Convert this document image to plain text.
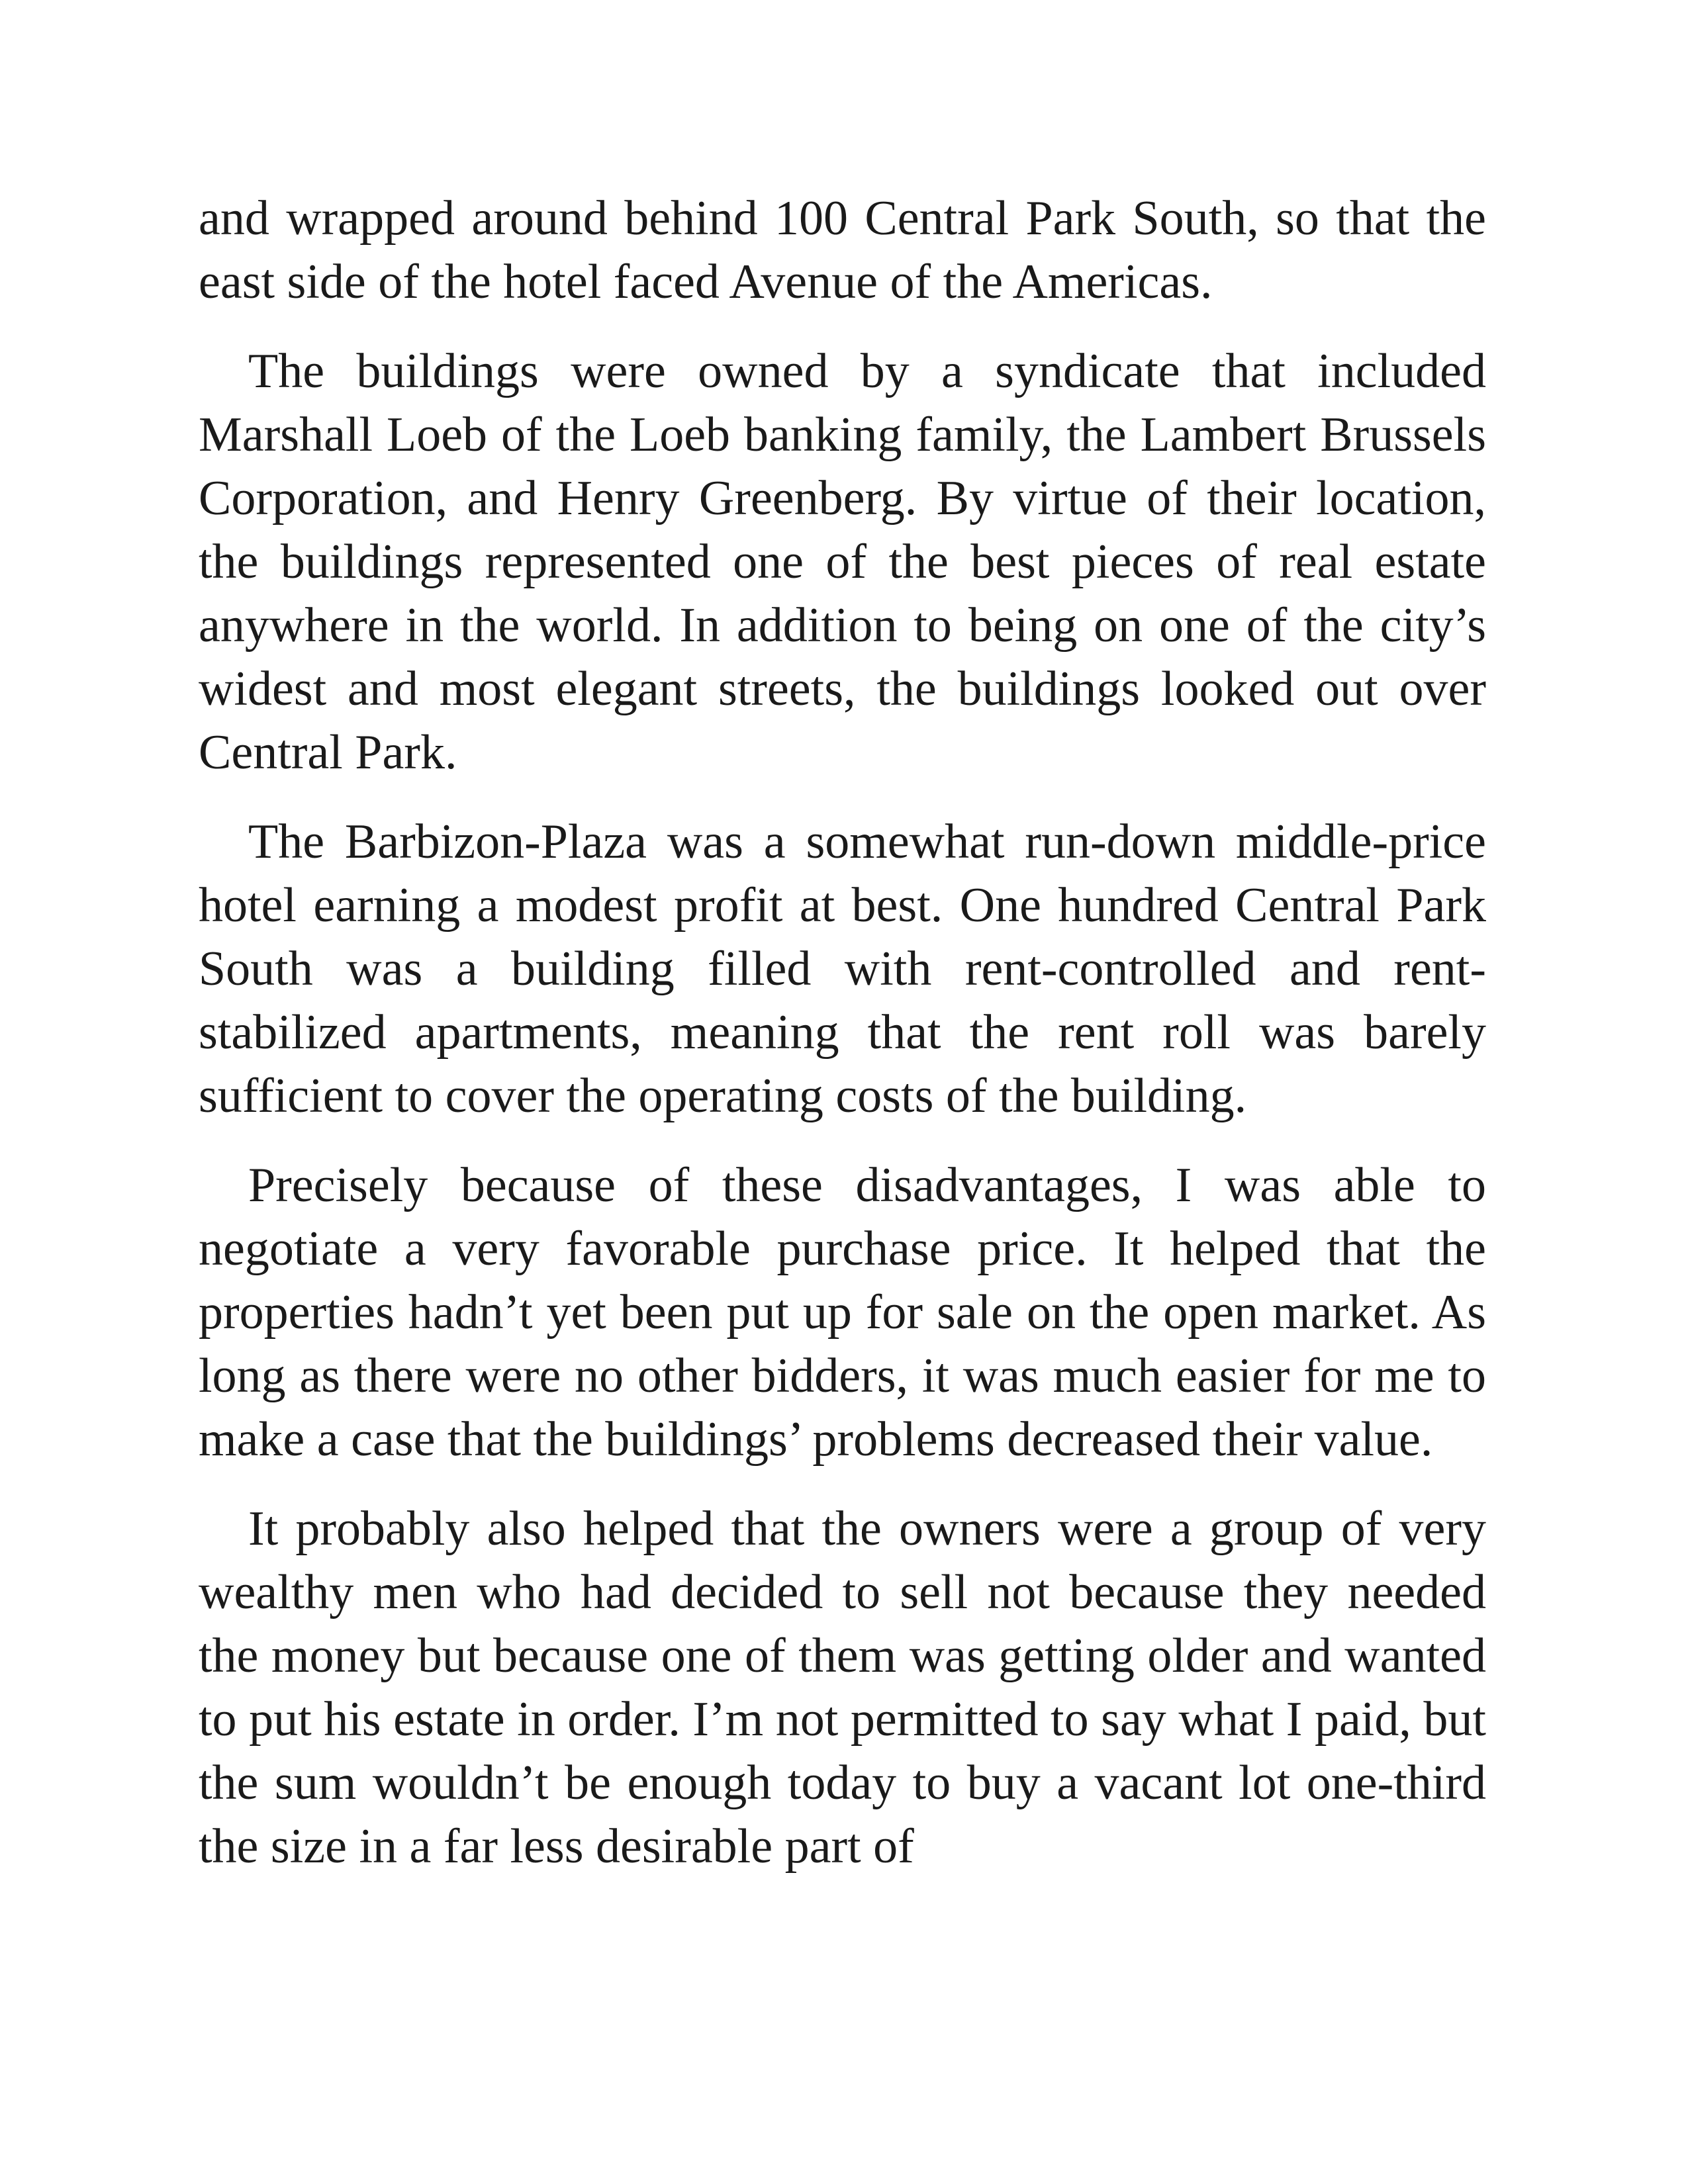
and wrapped around behind 100 Central Park South, so that the east side of the hotel faced Avenue of the Americas.

The buildings were owned by a syndicate that included Marshall Loeb of the Loeb banking family, the Lambert Brussels Corporation, and Henry Greenberg. By virtue of their location, the buildings represented one of the best pieces of real estate anywhere in the world. In addition to being on one of the city’s widest and most elegant streets, the buildings looked out over Central Park.

The Barbizon-Plaza was a somewhat run-down middle-price hotel earning a modest profit at best. One hundred Central Park South was a building filled with rent-controlled and rent-stabilized apartments, meaning that the rent roll was barely sufficient to cover the operating costs of the building.

Precisely because of these disadvantages, I was able to negotiate a very favorable purchase price. It helped that the properties hadn’t yet been put up for sale on the open market. As long as there were no other bidders, it was much easier for me to make a case that the buildings’ problems decreased their value.

It probably also helped that the owners were a group of very wealthy men who had decided to sell not because they needed the money but because one of them was getting older and wanted to put his estate in order. I’m not permitted to say what I paid, but the sum wouldn’t be enough today to buy a vacant lot one-third the size in a far less desirable part of
